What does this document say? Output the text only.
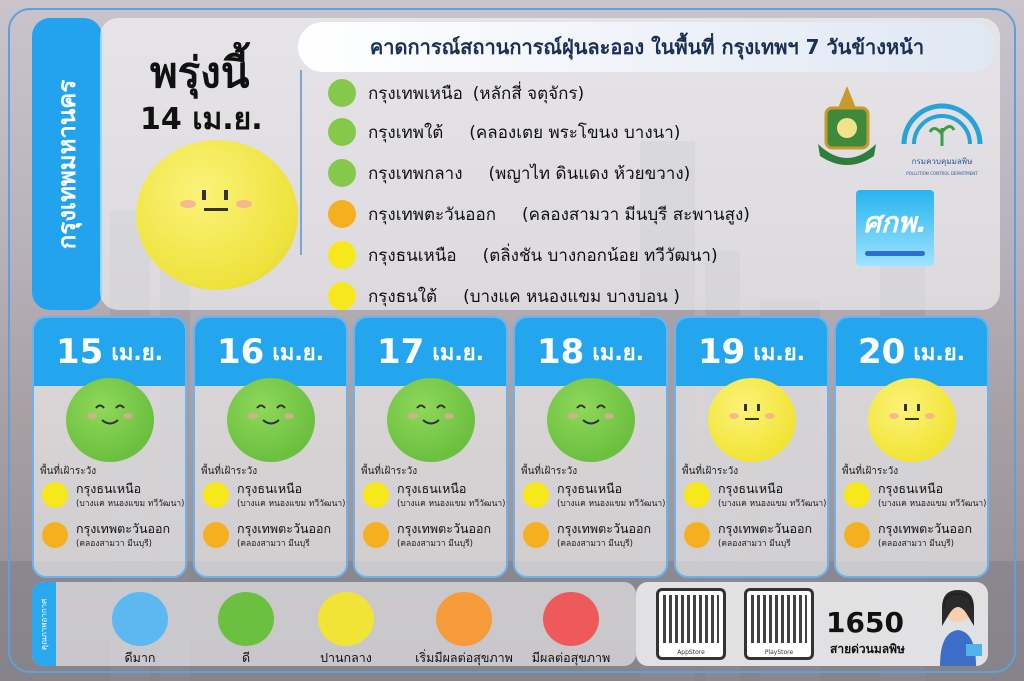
กรุงเทพมหานคร
พรุ่งนี้
14 เม.ย.
คาดการณ์สถานการณ์ฝุ่นละออง ในพื้นที่ กรุงเทพฯ 7 วันข้างหน้า
กรุงเทพเหนือ (หลักสี่ จตุจักร)
กรุงเทพใต้ (คลองเตย พระโขนง บางนา)
กรุงเทพกลาง (พญาไท ดินแดง ห้วยขวาง)
กรุงเทพตะวันออก (คลองสามวา มีนบุรี สะพานสูง)
กรุงธนเหนือ (ตลิ่งชัน บางกอกน้อย ทวีวัฒนา)
กรุงธนใต้ (บางแค หนองแขม บางบอน )
กรมควบคุมมลพิษ
POLLUTION CONTROL DEPARTMENT
ศกพ.
15 เม.ย.
พื้นที่เฝ้าระวัง
กรุงธนเหนือ
(บางแค หนองแขม ทวีวัฒนา)
กรุงเทพตะวันออก
(คลองสามวา มีนบุรี)
16 เม.ย.
พื้นที่เฝ้าระวัง
กรุงธนเหนือ
(บางแค หนองแขม ทวีวัฒนา)
กรุงเทพตะวันออก
(คลองสามวา มีนบุรี
17 เม.ย.
พื้นที่เฝ้าระวัง
กรุงเธนเหนือ
(บางแค หนองแขม ทวีวัฒนา)
กรุงเทพตะวันออก
(คลองสามวา มีนบุรี)
18 เม.ย.
พื้นที่เฝ้าระวัง
กรุงธนเหนือ
(บางแค หนองแขม ทวีวัฒนา)
กรุงเทพตะวันออก
(คลองสามวา มีนบุรี)
19 เม.ย.
พื้นที่เฝ้าระวัง
กรุงธนเหนือ
(บางแค หนองแขม ทวีวัฒนา)
กรุงเทพตะวันออก
(คลองสามวา มีนบุรี
20 เม.ย.
พื้นที่เฝ้าระวัง
กรุงธนเหนือ
(บางแค หนองแขม ทวีวัฒนา)
กรุงเทพตะวันออก
(คลองสามวา มีนบุรี)
คุณภาพอากาศ
ดีมาก	ดี	ปานกลาง	เริ่มมีผลต่อสุขภาพ	มีผลต่อสุขภาพ	AppStore	PlayStore
1650
สายด่วนมลพิษ
